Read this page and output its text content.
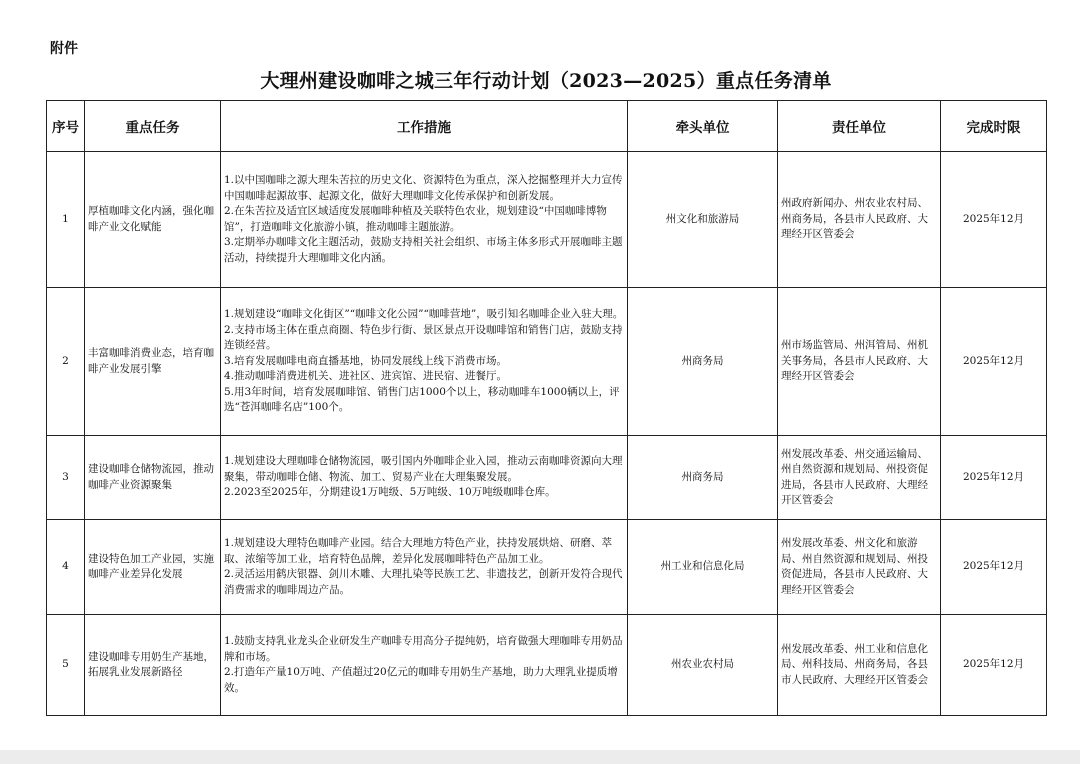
附件
大理州建设咖啡之城三年行动计划（2023—2025）重点任务清单
序号	重点任务	工作措施	牵头单位	责任单位	完成时限
1	厚植咖啡文化内涵，强化咖啡产业文化赋能	1.以中国咖啡之源大理朱苦拉的历史文化、资源特色为重点，深入挖掘整理并大力宣传中国咖啡起源故事、起源文化，做好大理咖啡文化传承保护和创新发展。
2.在朱苦拉及适宜区域适度发展咖啡种植及关联特色农业，规划建设“中国咖啡博物馆”，打造咖啡文化旅游小镇，推动咖啡主题旅游。
3.定期举办咖啡文化主题活动，鼓励支持相关社会组织、市场主体多形式开展咖啡主题活动，持续提升大理咖啡文化内涵。	州文化和旅游局	州政府新闻办、州农业农村局、州商务局，各县市人民政府、大理经开区管委会	2025年12月
2	丰富咖啡消费业态，培育咖啡产业发展引擎	1.规划建设“咖啡文化街区”“咖啡文化公园”“咖啡营地”，吸引知名咖啡企业入驻大理。
2.支持市场主体在重点商圈、特色步行街、景区景点开设咖啡馆和销售门店，鼓励支持连锁经营。
3.培育发展咖啡电商直播基地，协同发展线上线下消费市场。
4.推动咖啡消费进机关、进社区、进宾馆、进民宿、进餐厅。
5.用3年时间，培育发展咖啡馆、销售门店1000个以上，移动咖啡车1000辆以上，评选“苍洱咖啡名店”100个。	州商务局	州市场监管局、州洱管局、州机关事务局，各县市人民政府、大理经开区管委会	2025年12月
3	建设咖啡仓储物流园，推动咖啡产业资源聚集	1.规划建设大理咖啡仓储物流园，吸引国内外咖啡企业入园，推动云南咖啡资源向大理聚集，带动咖啡仓储、物流、加工、贸易产业在大理集聚发展。
2.2023至2025年，分期建设1万吨级、5万吨级、10万吨级咖啡仓库。	州商务局	州发展改革委、州交通运输局、州自然资源和规划局、州投资促进局，各县市人民政府、大理经开区管委会	2025年12月
4	建设特色加工产业园，实施咖啡产业差异化发展	1.规划建设大理特色咖啡产业园。结合大理地方特色产业，扶持发展烘焙、研磨、萃取、浓缩等加工业，培育特色品牌，差异化发展咖啡特色产品加工业。
2.灵活运用鹤庆银器、剑川木雕、大理扎染等民族工艺、非遗技艺，创新开发符合现代消费需求的咖啡周边产品。	州工业和信息化局	州发展改革委、州文化和旅游局、州自然资源和规划局、州投资促进局，各县市人民政府、大理经开区管委会	2025年12月
5	建设咖啡专用奶生产基地，拓展乳业发展新路径	1.鼓励支持乳业龙头企业研发生产咖啡专用高分子提纯奶，培育做强大理咖啡专用奶品牌和市场。
2.打造年产量10万吨、产值超过20亿元的咖啡专用奶生产基地，助力大理乳业提质增效。	州农业农村局	州发展改革委、州工业和信息化局、州科技局、州商务局，各县市人民政府、大理经开区管委会	2025年12月
